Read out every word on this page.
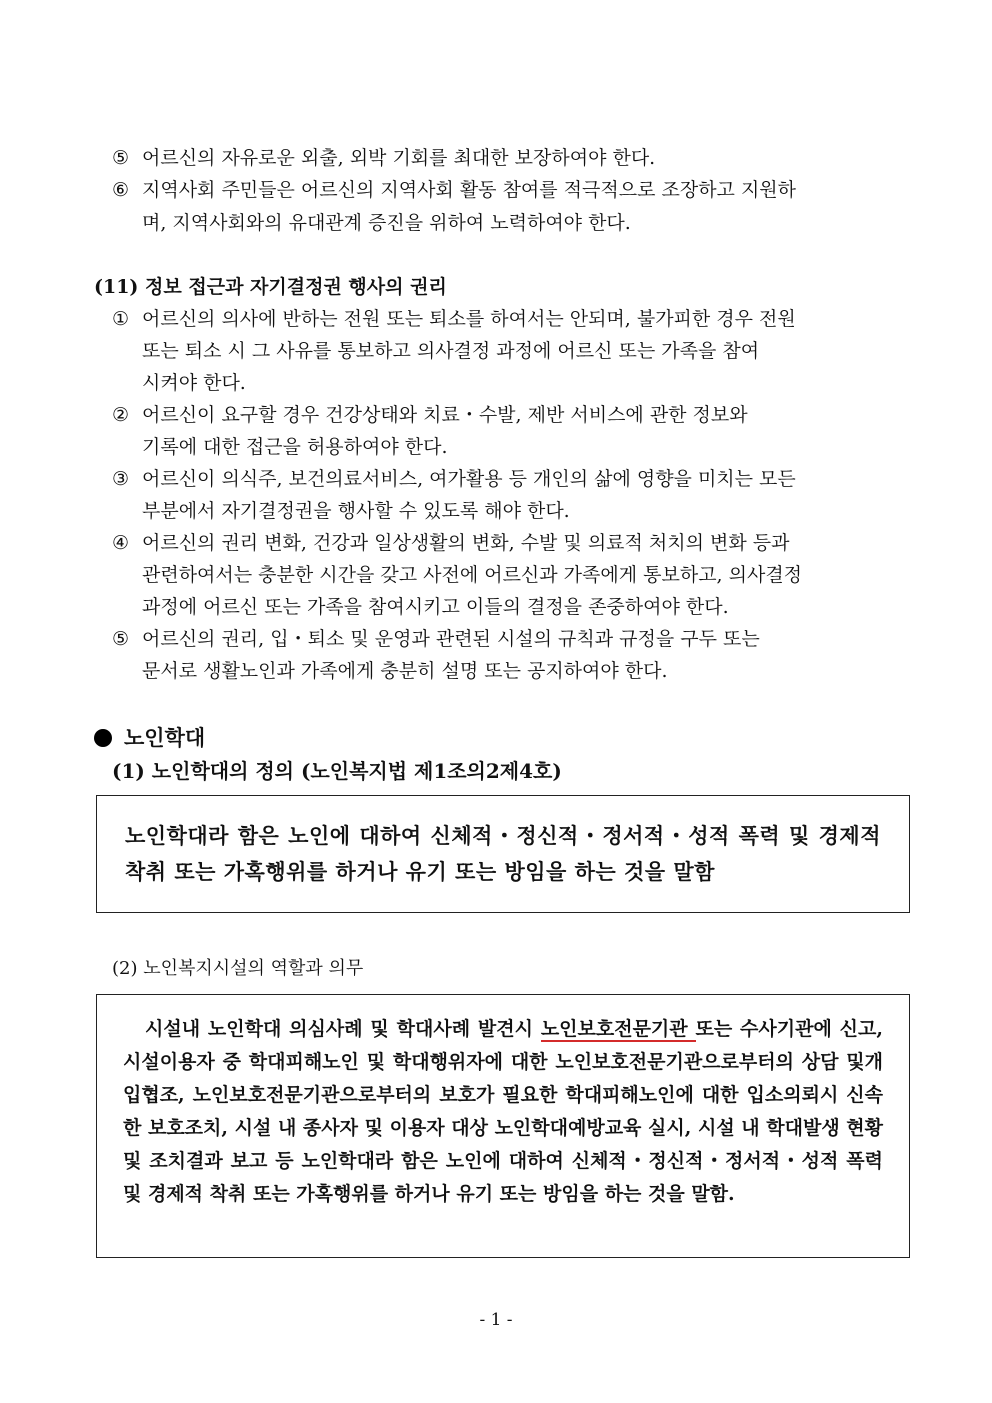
⑤ 어르신의 자유로운 외출, 외박 기회를 최대한 보장하여야 한다.
⑥ 지역사회 주민들은 어르신의 지역사회 활동 참여를 적극적으로 조장하고 지원하
며, 지역사회와의 유대관계 증진을 위하여 노력하여야 한다.
(11) 정보 접근과 자기결정권 행사의 권리
① 어르신의 의사에 반하는 전원 또는 퇴소를 하여서는 안되며, 불가피한 경우 전원
또는 퇴소 시 그 사유를 통보하고 의사결정 과정에 어르신 또는 가족을 참여
시켜야 한다.
② 어르신이 요구할 경우 건강상태와 치료・수발, 제반 서비스에 관한 정보와
기록에 대한 접근을 허용하여야 한다.
③ 어르신이 의식주, 보건의료서비스, 여가활용 등 개인의 삶에 영향을 미치는 모든
부분에서 자기결정권을 행사할 수 있도록 해야 한다.
④ 어르신의 권리 변화, 건강과 일상생활의 변화, 수발 및 의료적 처치의 변화 등과
관련하여서는 충분한 시간을 갖고 사전에 어르신과 가족에게 통보하고, 의사결정
과정에 어르신 또는 가족을 참여시키고 이들의 결정을 존중하여야 한다.
⑤ 어르신의 권리, 입・퇴소 및 운영과 관련된 시설의 규칙과 규정을 구두 또는
문서로 생활노인과 가족에게 충분히 설명 또는 공지하여야 한다.
노인학대
(1) 노인학대의 정의 (노인복지법 제1조의2제4호)

노인학대라 함은 노인에 대하여 신체적・정신적・정서적・성적 폭력 및 경제적 착취 또는 가혹행위를 하거나 유기 또는 방임을 하는 것을 말함

(2) 노인복지시설의 역할과 의무

시설내 노인학대 의심사례 및 학대사례 발견시 노인보호전문기관 또는 수사기관에 신고, 시설이용자 중 학대피해노인 및 학대행위자에 대한 노인보호전문기관으로부터의 상담 및개입협조, 노인보호전문기관으로부터의 보호가 필요한 학대피해노인에 대한 입소의뢰시 신속한 보호조치, 시설 내 종사자 및 이용자 대상 노인학대예방교육 실시, 시설 내 학대발생 현황 및 조치결과 보고 등 노인학대라 함은 노인에 대하여 신체적・정신적・정서적・성적 폭력 및 경제적 착취 또는 가혹행위를 하거나 유기 또는 방임을 하는 것을 말함.

- 1 -
